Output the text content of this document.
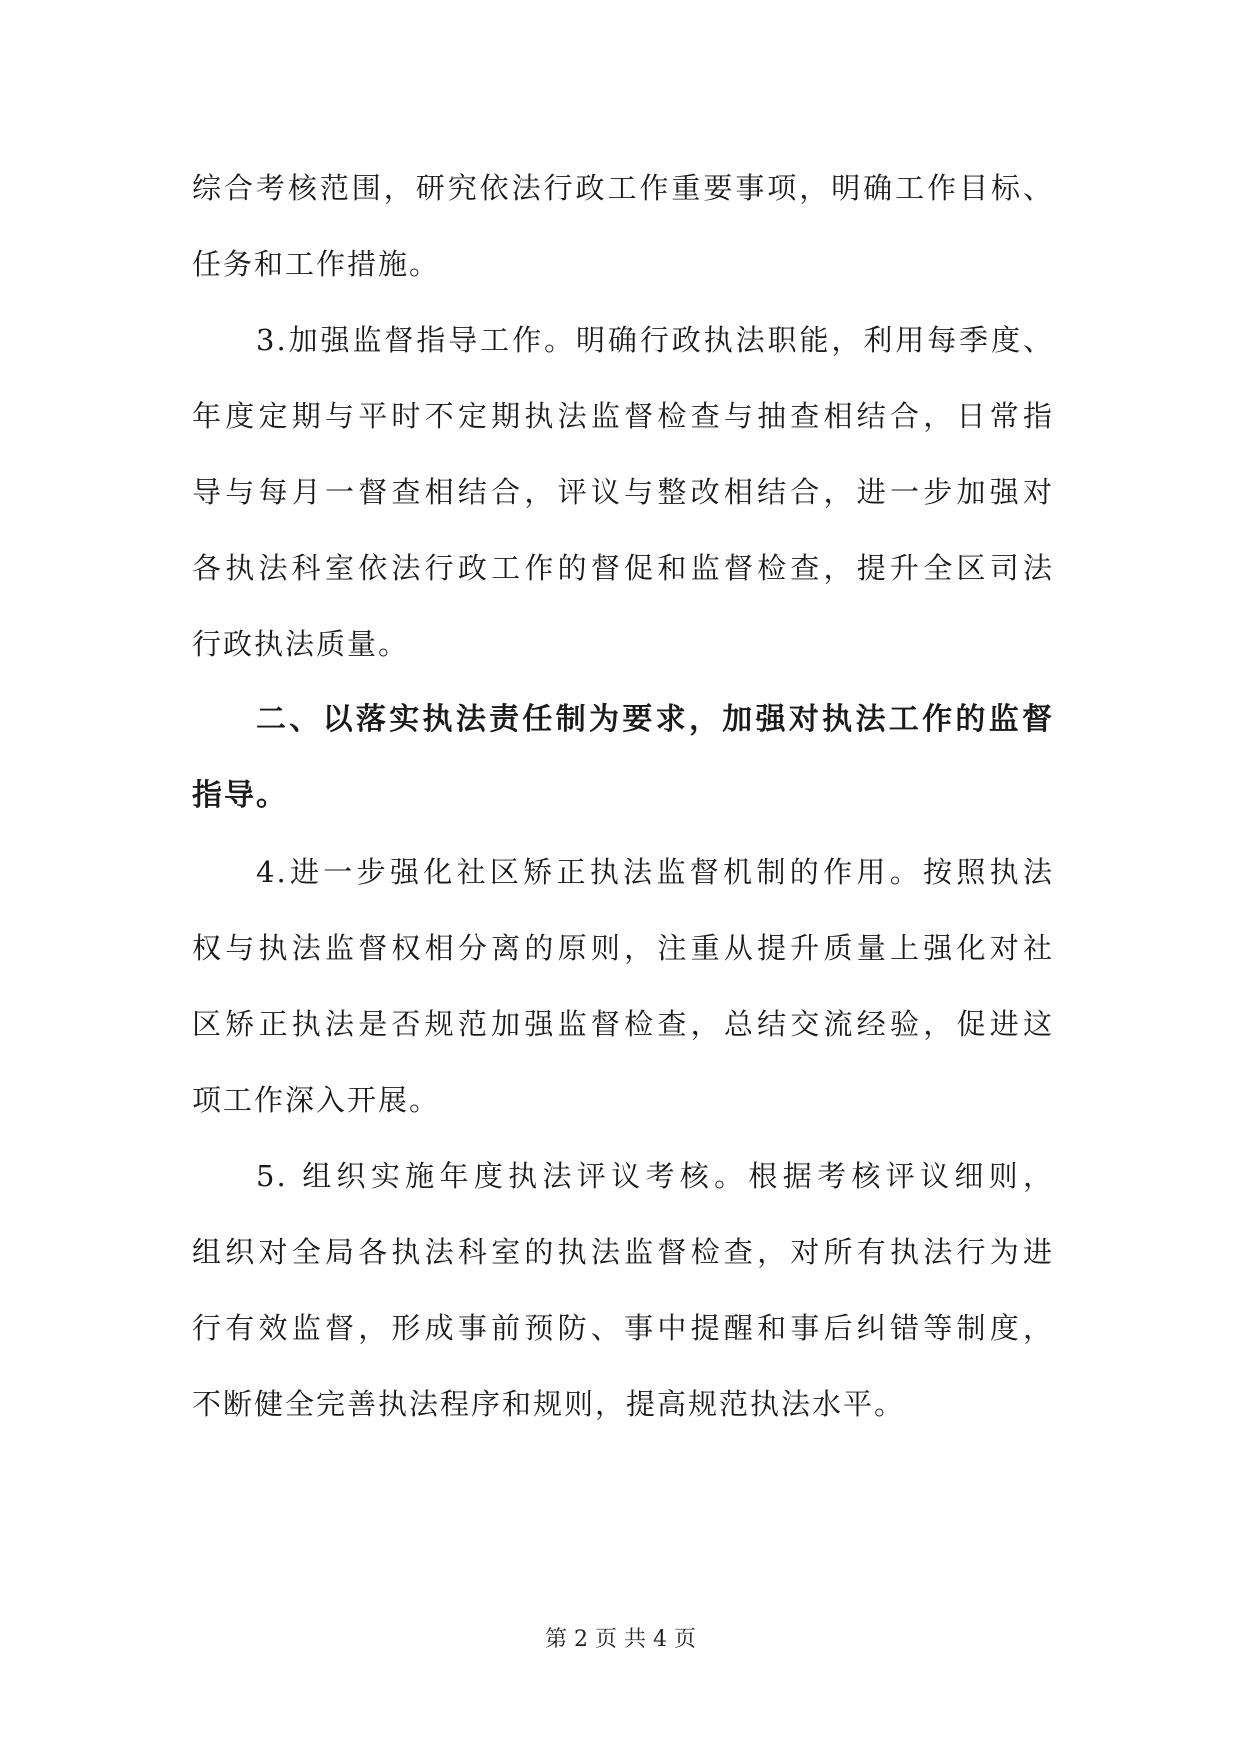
综合考核范围，研究依法行政工作重要事项，明确工作目标、
任务和工作措施。
3.加强监督指导工作。明确行政执法职能，利用每季度、
年度定期与平时不定期执法监督检查与抽查相结合，日常指
导与每月一督查相结合，评议与整改相结合，进一步加强对
各执法科室依法行政工作的督促和监督检查，提升全区司法
行政执法质量。
二、以落实执法责任制为要求，加强对执法工作的监督
指导。
4.进一步强化社区矫正执法监督机制的作用。按照执法
权与执法监督权相分离的原则，注重从提升质量上强化对社
区矫正执法是否规范加强监督检查，总结交流经验，促进这
项工作深入开展。
5. 组织实施年度执法评议考核。根据考核评议细则，
组织对全局各执法科室的执法监督检查，对所有执法行为进
行有效监督，形成事前预防、事中提醒和事后纠错等制度，
不断健全完善执法程序和规则，提高规范执法水平。
第 2 页 共 4 页
